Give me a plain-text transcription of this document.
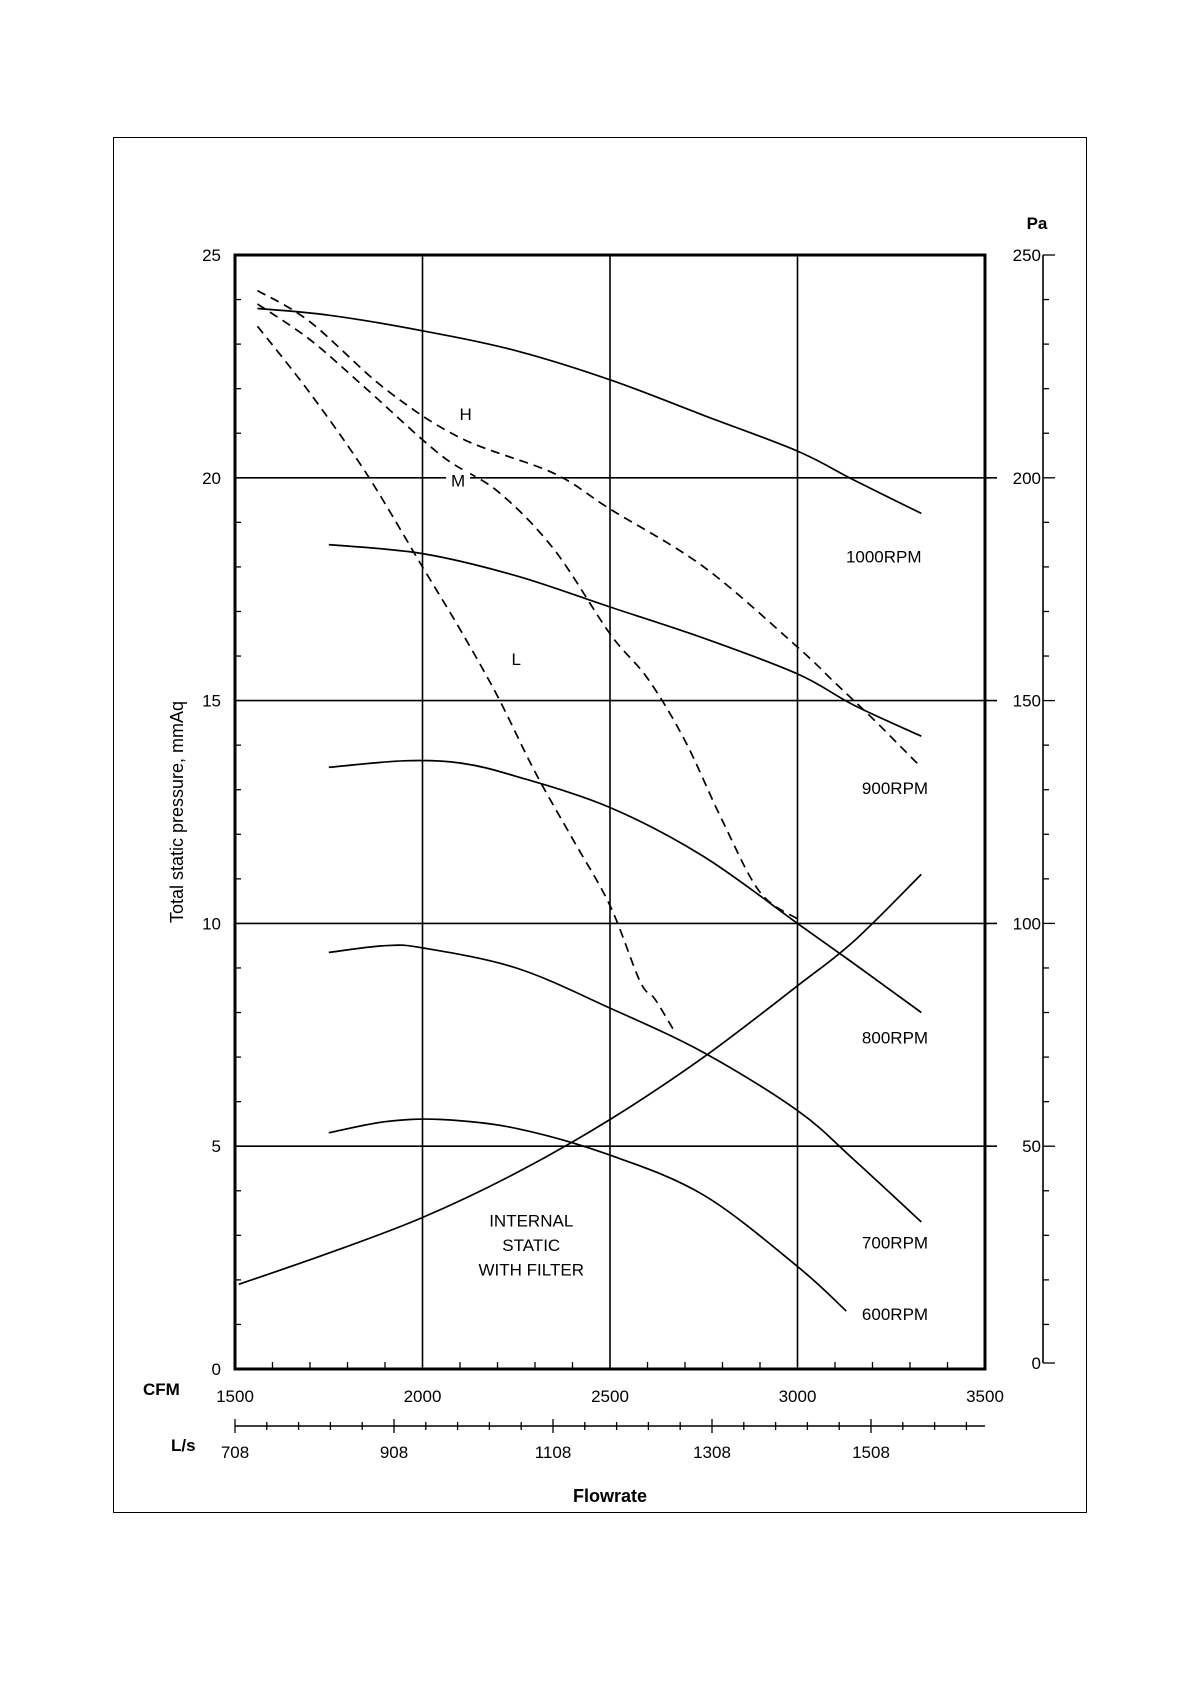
1000RPM
900RPM
800RPM
700RPM
600RPM
H
M
L
INTERNAL
STATIC
WITH FILTER
0
5
10
15
20
25
1500	2000	2500	3000	3500
0
50
100
150
200
250
Pa
708	908	1108	1308	1508
CFM
L/s
Flowrate
Total static pressure, mmAq
